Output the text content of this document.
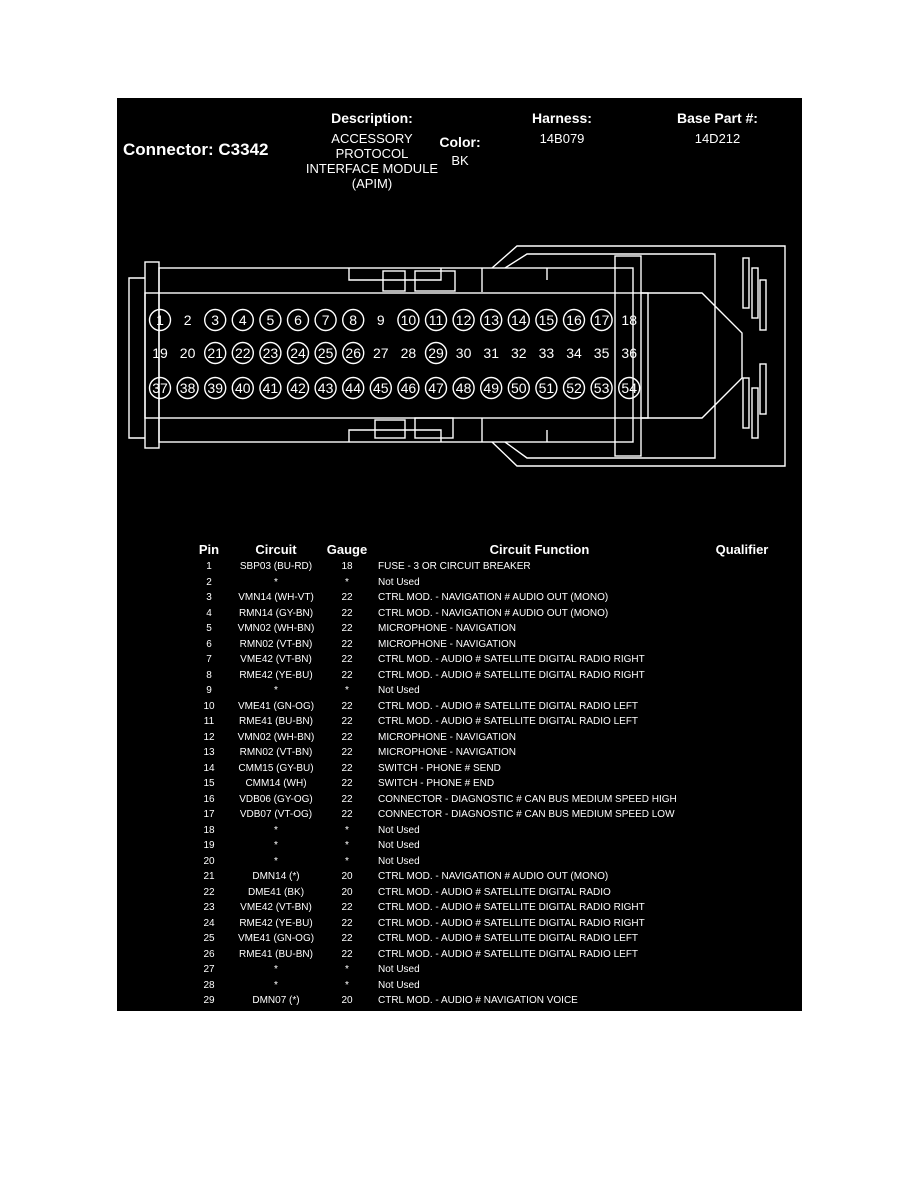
Connector: C3342
Description:
ACCESSORY
PROTOCOL
INTERFACE MODULE
(APIM)
Color:
BK
Harness:
14B079
Base Part #:
14D212
1 2 3 4 5 6 7 8 9 10 11 12 13 14 15 16 17 18
19 20 21 22 23 24 25 26 27 28 29 30 31 32 33 34 35 36
37 38 39 40 41 42 43 44 45 46 47 48 49 50 51 52 53 54
Pin	Circuit	Gauge	Circuit Function	Qualifier
1	SBP03 (BU-RD)	18	FUSE - 3 OR CIRCUIT BREAKER	
2	*	*	Not Used	
3	VMN14 (WH-VT)	22	CTRL MOD. - NAVIGATION # AUDIO OUT (MONO)	
4	RMN14 (GY-BN)	22	CTRL MOD. - NAVIGATION # AUDIO OUT (MONO)	
5	VMN02 (WH-BN)	22	MICROPHONE - NAVIGATION	
6	RMN02 (VT-BN)	22	MICROPHONE - NAVIGATION	
7	VME42 (VT-BN)	22	CTRL MOD. - AUDIO # SATELLITE DIGITAL RADIO RIGHT	
8	RME42 (YE-BU)	22	CTRL MOD. - AUDIO # SATELLITE DIGITAL RADIO RIGHT	
9	*	*	Not Used	
10	VME41 (GN-OG)	22	CTRL MOD. - AUDIO # SATELLITE DIGITAL RADIO LEFT	
11	RME41 (BU-BN)	22	CTRL MOD. - AUDIO # SATELLITE DIGITAL RADIO LEFT	
12	VMN02 (WH-BN)	22	MICROPHONE - NAVIGATION	
13	RMN02 (VT-BN)	22	MICROPHONE - NAVIGATION	
14	CMM15 (GY-BU)	22	SWITCH - PHONE # SEND	
15	CMM14 (WH)	22	SWITCH - PHONE # END	
16	VDB06 (GY-OG)	22	CONNECTOR - DIAGNOSTIC # CAN BUS MEDIUM SPEED HIGH	
17	VDB07 (VT-OG)	22	CONNECTOR - DIAGNOSTIC # CAN BUS MEDIUM SPEED LOW	
18	*	*	Not Used	
19	*	*	Not Used	
20	*	*	Not Used	
21	DMN14 (*)	20	CTRL MOD. - NAVIGATION # AUDIO OUT (MONO)	
22	DME41 (BK)	20	CTRL MOD. - AUDIO # SATELLITE DIGITAL RADIO	
23	VME42 (VT-BN)	22	CTRL MOD. - AUDIO # SATELLITE DIGITAL RADIO RIGHT	
24	RME42 (YE-BU)	22	CTRL MOD. - AUDIO # SATELLITE DIGITAL RADIO RIGHT	
25	VME41 (GN-OG)	22	CTRL MOD. - AUDIO # SATELLITE DIGITAL RADIO LEFT	
26	RME41 (BU-BN)	22	CTRL MOD. - AUDIO # SATELLITE DIGITAL RADIO LEFT	
27	*	*	Not Used	
28	*	*	Not Used	
29	DMN07 (*)	20	CTRL MOD. - AUDIO # NAVIGATION VOICE	
